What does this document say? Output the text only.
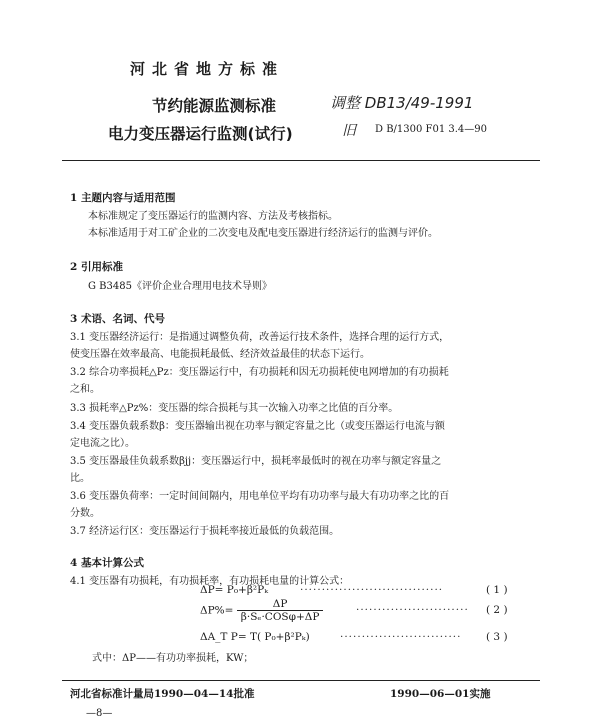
河北省地方标准
节约能源监测标准
电力变压器运行监测(试行)
调整 DB13/49-1991
旧 D B/1300 F01 3.4—90
1 主题内容与适用范围
本标准规定了变压器运行的监测内容、方法及考核指标。
本标准适用于对工矿企业的二次变电及配电变压器进行经济运行的监测与评价。
2 引用标准
G B3485《评价企业合理用电技术导则》
3 术语、名词、代号
3.1 变压器经济运行：是指通过调整负荷，改善运行技术条件，选择合理的运行方式，
使变压器在效率最高、电能损耗最低、经济效益最佳的状态下运行。
3.2 综合功率损耗△Pz：变压器运行中，有功损耗和因无功损耗使电网增加的有功损耗
之和。
3.3 损耗率△Pz%：变压器的综合损耗与其一次输入功率之比值的百分率。
3.4 变压器负载系数β：变压器输出视在功率与额定容量之比（或变压器运行电流与额
定电流之比）。
3.5 变压器最佳负载系数βjj：变压器运行中，损耗率最低时的视在功率与额定容量之
比。
3.6 变压器负荷率：一定时间间隔内，用电单位平均有功功率与最大有功功率之比的百
分数。
3.7 经济运行区：变压器运行于损耗率接近最低的负载范围。
4 基本计算公式
4.1 变压器有功损耗，有功损耗率，有功损耗电量的计算公式：
ΔP= P₀+β²Pₖ	·································	( 1 )
$\Delta P\%= \frac{\Delta P}{\text{β·Sₑ·COSφ+ΔP}}$	·························· ( 2 )
ΔA_T P= T( P₀+β²Pₖ)	···························· ( 3 )
式中：ΔP——有功功率损耗，KW；
河北省标准计量局1990—04—14批准	1990—06—01实施
—8—
